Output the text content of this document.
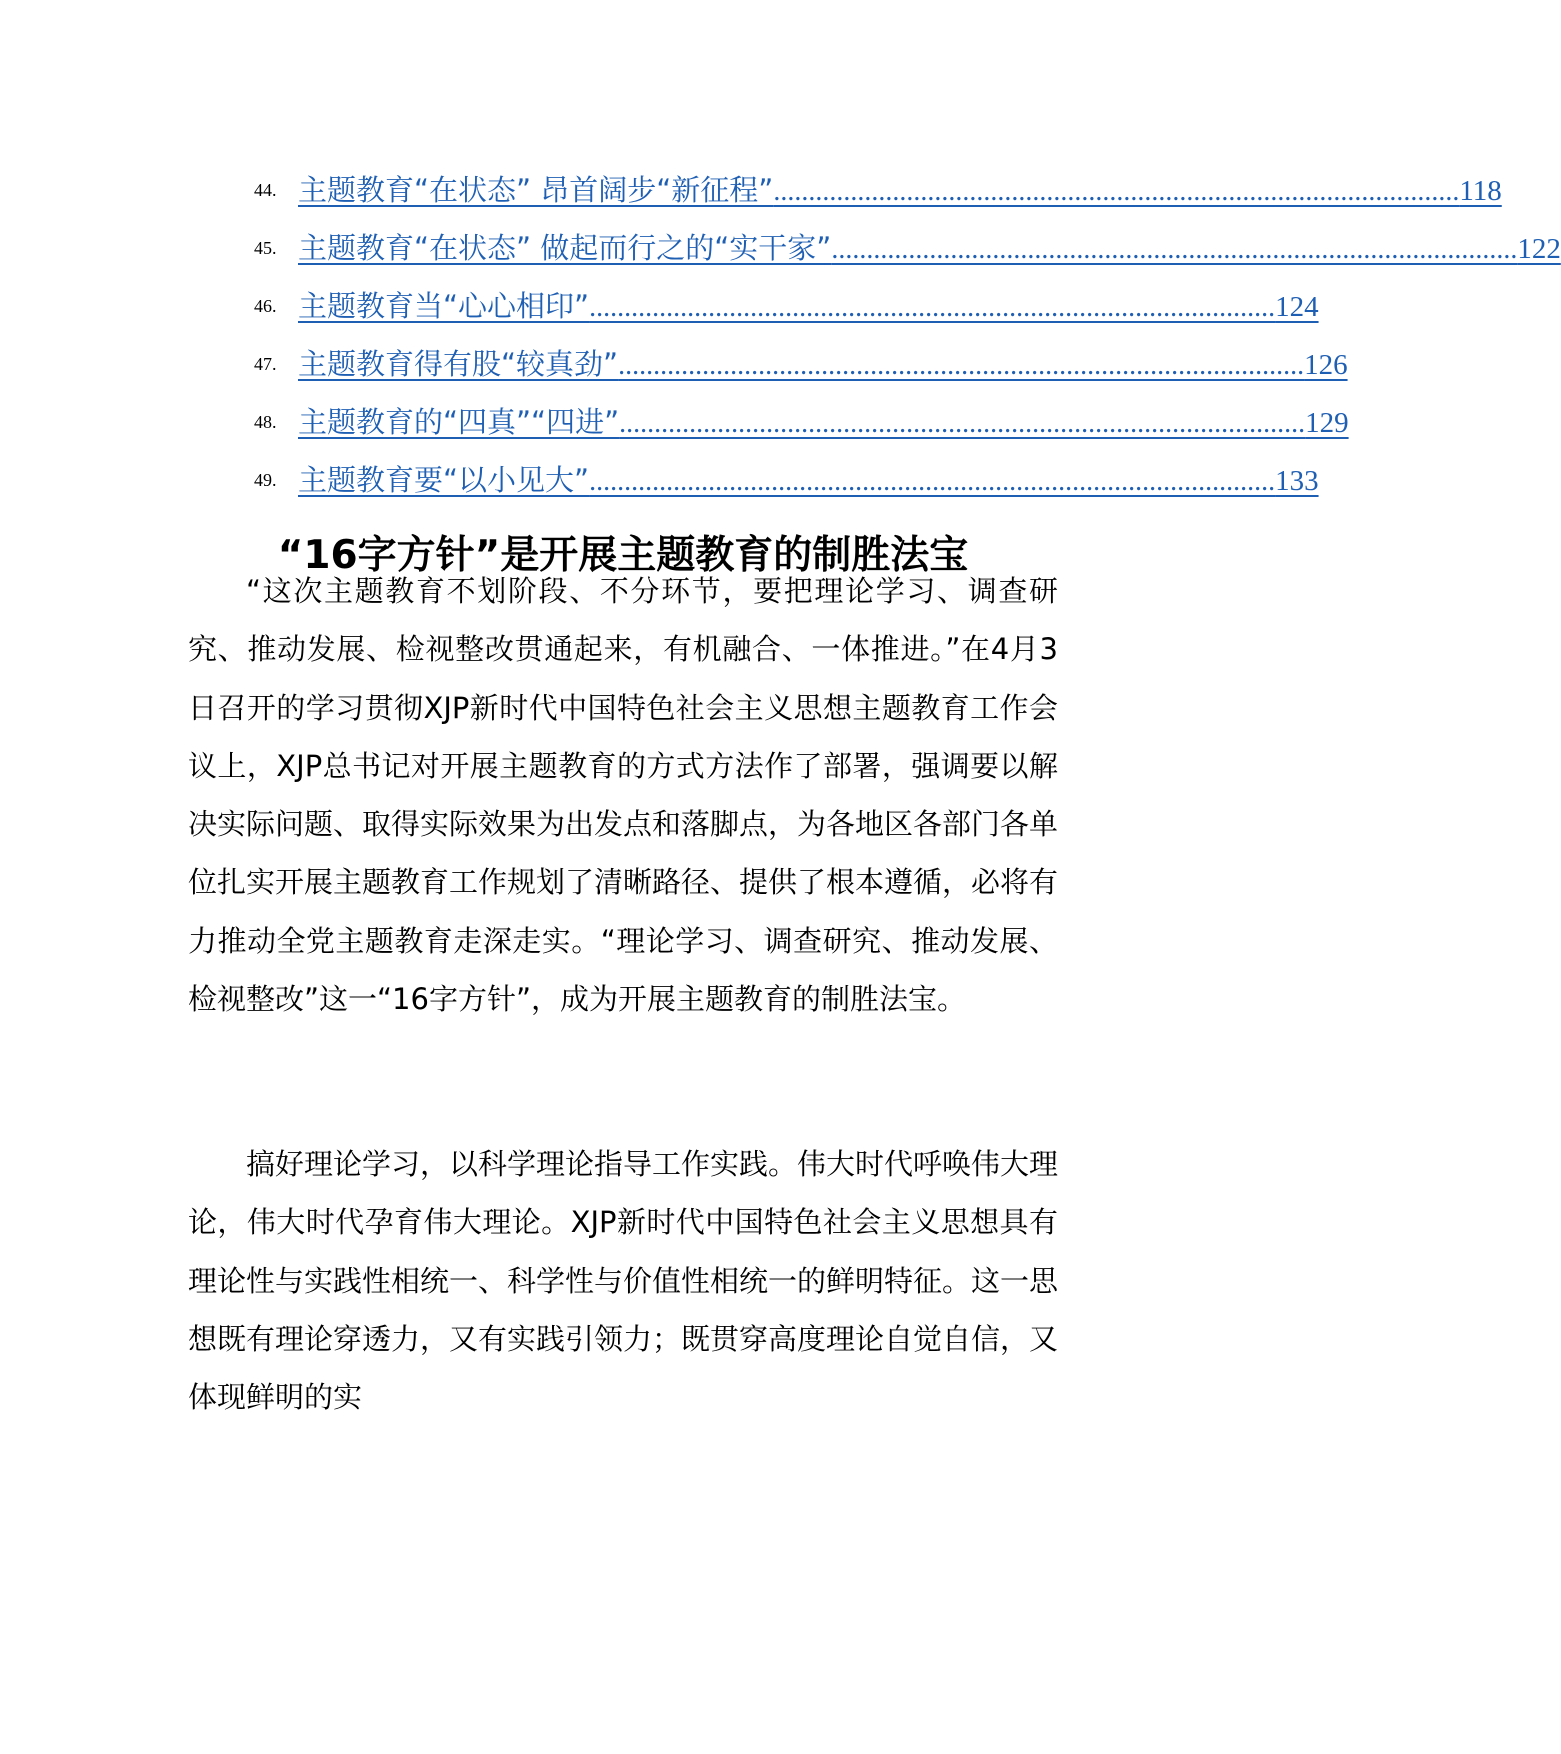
44. 主题教育“在状态” 昂首阔步“新征程” .................................................................................................. 118
45. 主题教育“在状态” 做起而行之的“实干家” .................................................................................................. 122
46. 主题教育当“心心相印” .................................................................................................. 124
47. 主题教育得有股“较真劲” .................................................................................................. 126
48. 主题教育的“四真”“四进” .................................................................................................. 129
49. 主题教育要“以小见大” .................................................................................................. 133
“16字方针”是开展主题教育的制胜法宝

“这次主题教育不划阶段、不分环节，要把理论学习、调查研究、推动发展、检视整改贯通起来，有机融合、一体推进。”在4月3日召开的学习贯彻XJP新时代中国特色社会主义思想主题教育工作会议上，XJP总书记对开展主题教育的方式方法作了部署，强调要以解决实际问题、取得实际效果为出发点和落脚点，为各地区各部门各单位扎实开展主题教育工作规划了清晰路径、提供了根本遵循，必将有力推动全党主题教育走深走实。“理论学习、调查研究、推动发展、检视整改”这一“16字方针”，成为开展主题教育的制胜法宝。

搞好理论学习，以科学理论指导工作实践。伟大时代呼唤伟大理论，伟大时代孕育伟大理论。XJP新时代中国特色社会主义思想具有理论性与实践性相统一、科学性与价值性相统一的鲜明特征。这一思想既有理论穿透力，又有实践引领力；既贯穿高度理论自觉自信，又体现鲜明的实
